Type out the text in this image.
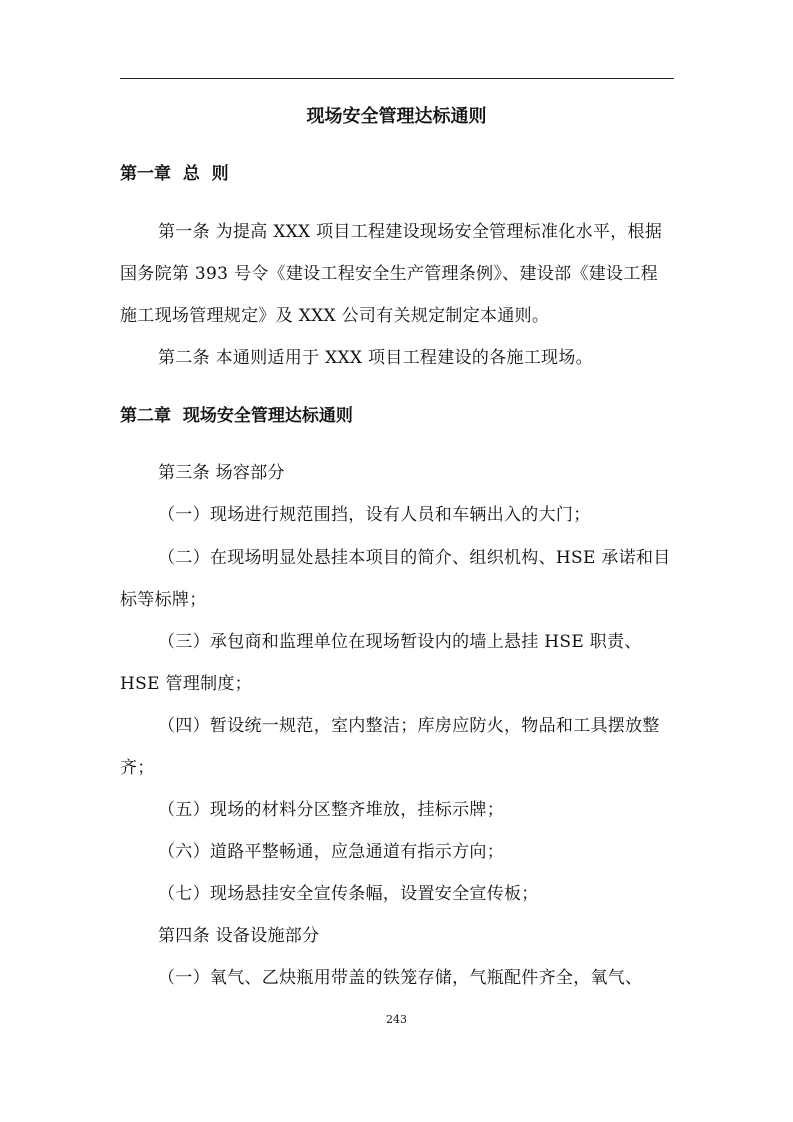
现场安全管理达标通则
第一章  总  则

第一条 为提高 XXX 项目工程建设现场安全管理标准化水平，根据国务院第 393 号令《建设工程安全生产管理条例》、建设部《建设工程施工现场管理规定》及 XXX 公司有关规定制定本通则。

第二条 本通则适用于 XXX 项目工程建设的各施工现场。

第二章  现场安全管理达标通则

第三条 场容部分

（一）现场进行规范围挡，设有人员和车辆出入的大门；

（二）在现场明显处悬挂本项目的简介、组织机构、HSE 承诺和目标等标牌；

（三）承包商和监理单位在现场暂设内的墙上悬挂 HSE 职责、HSE 管理制度；

（四）暂设统一规范，室内整洁；库房应防火，物品和工具摆放整齐；

（五）现场的材料分区整齐堆放，挂标示牌；

（六）道路平整畅通，应急通道有指示方向；

（七）现场悬挂安全宣传条幅，设置安全宣传板；

第四条 设备设施部分

（一）氧气、乙炔瓶用带盖的铁笼存储，气瓶配件齐全，氧气、

243
